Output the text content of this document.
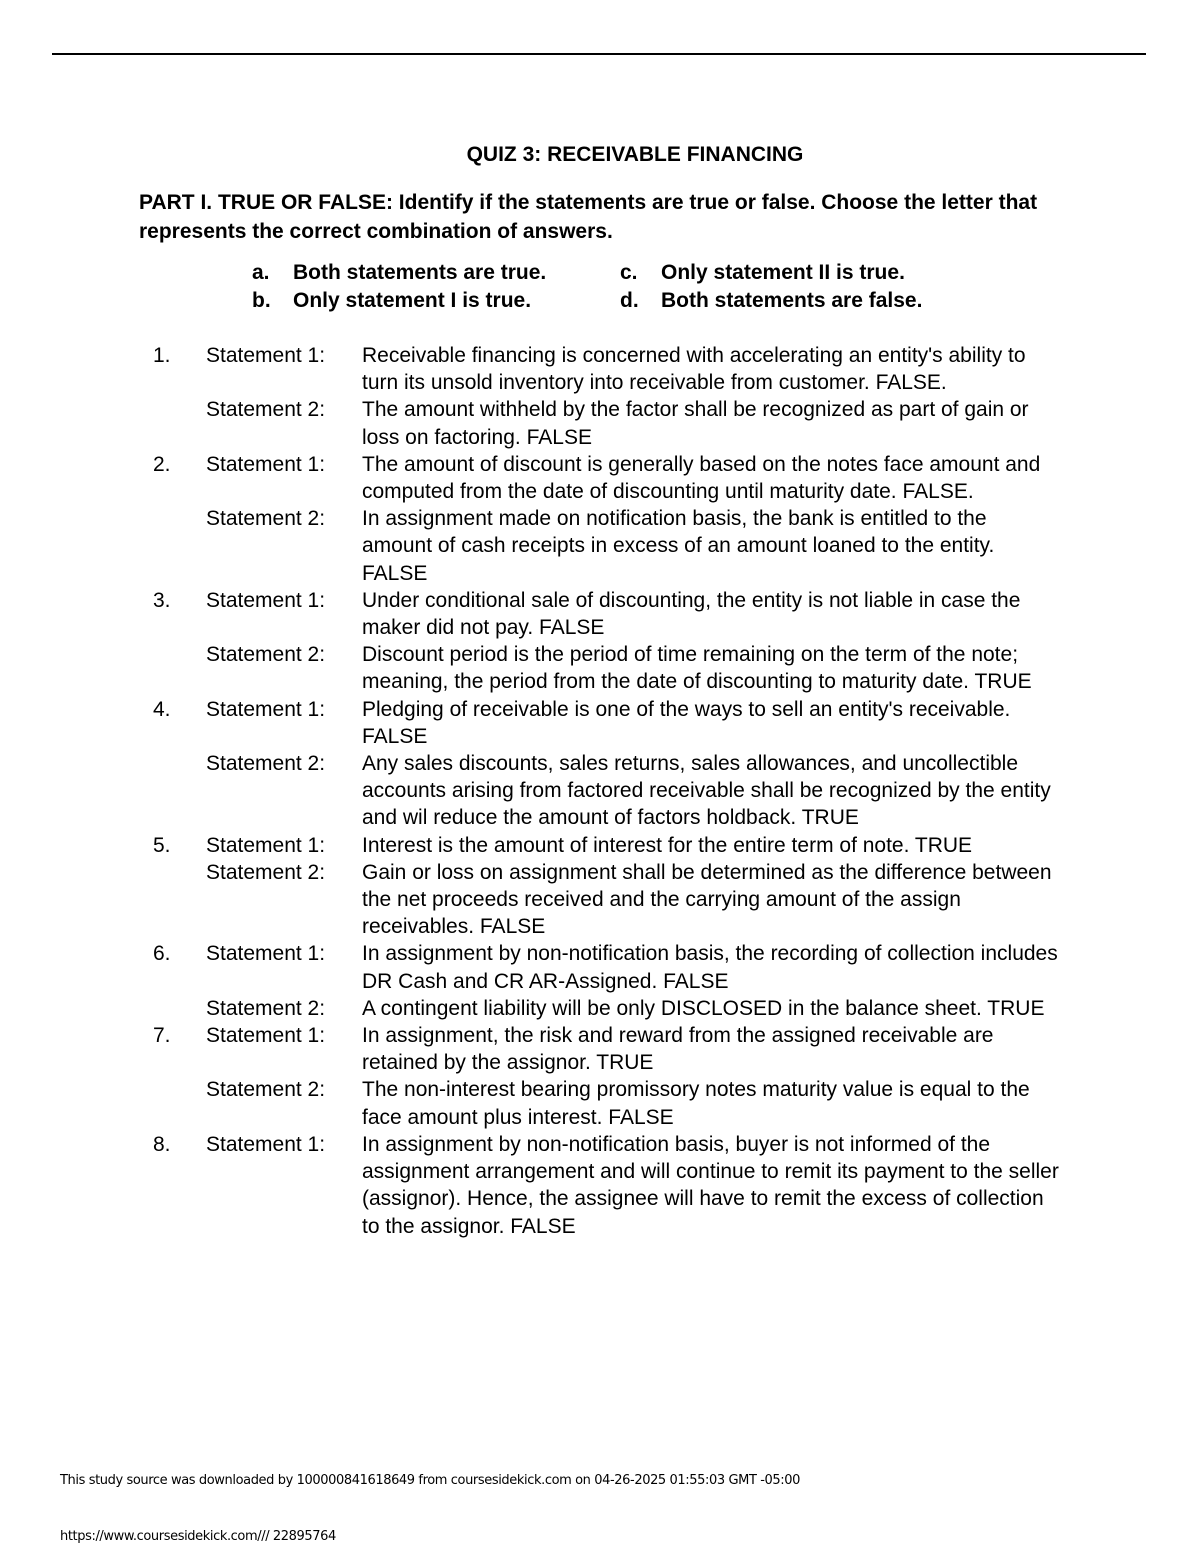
QUIZ 3: RECEIVABLE FINANCING
PART I. TRUE OR FALSE: Identify if the statements are true or false. Choose the letter that represents the correct combination of answers.
a. Both statements are true.
b. Only statement I is true.
c. Only statement II is true.
d. Both statements are false.
1. Statement 1: Receivable financing is concerned with accelerating an entity's ability to turn its unsold inventory into receivable from customer. FALSE.
Statement 2: The amount withheld by the factor shall be recognized as part of gain or loss on factoring. FALSE
2. Statement 1: The amount of discount is generally based on the notes face amount and computed from the date of discounting until maturity date. FALSE.
Statement 2: In assignment made on notification basis, the bank is entitled to the amount of cash receipts in excess of an amount loaned to the entity. FALSE
3. Statement 1: Under conditional sale of discounting, the entity is not liable in case the maker did not pay. FALSE
Statement 2: Discount period is the period of time remaining on the term of the note; meaning, the period from the date of discounting to maturity date. TRUE
4. Statement 1: Pledging of receivable is one of the ways to sell an entity's receivable. FALSE
Statement 2: Any sales discounts, sales returns, sales allowances, and uncollectible accounts arising from factored receivable shall be recognized by the entity and wil reduce the amount of factors holdback. TRUE
5. Statement 1: Interest is the amount of interest for the entire term of note. TRUE
Statement 2: Gain or loss on assignment shall be determined as the difference between the net proceeds received and the carrying amount of the assign receivables. FALSE
6. Statement 1: In assignment by non-notification basis, the recording of collection includes DR Cash and CR AR-Assigned. FALSE
Statement 2: A contingent liability will be only DISCLOSED in the balance sheet. TRUE
7. Statement 1: In assignment, the risk and reward from the assigned receivable are retained by the assignor. TRUE
Statement 2: The non-interest bearing promissory notes maturity value is equal to the face amount plus interest. FALSE
8. Statement 1: In assignment by non-notification basis, buyer is not informed of the assignment arrangement and will continue to remit its payment to the seller (assignor). Hence, the assignee will have to remit the excess of collection to the assignor. FALSE
This study source was downloaded by 100000841618649 from coursesidekick.com on 04-26-2025 01:55:03 GMT -05:00
https://www.coursesidekick.com/// 22895764
